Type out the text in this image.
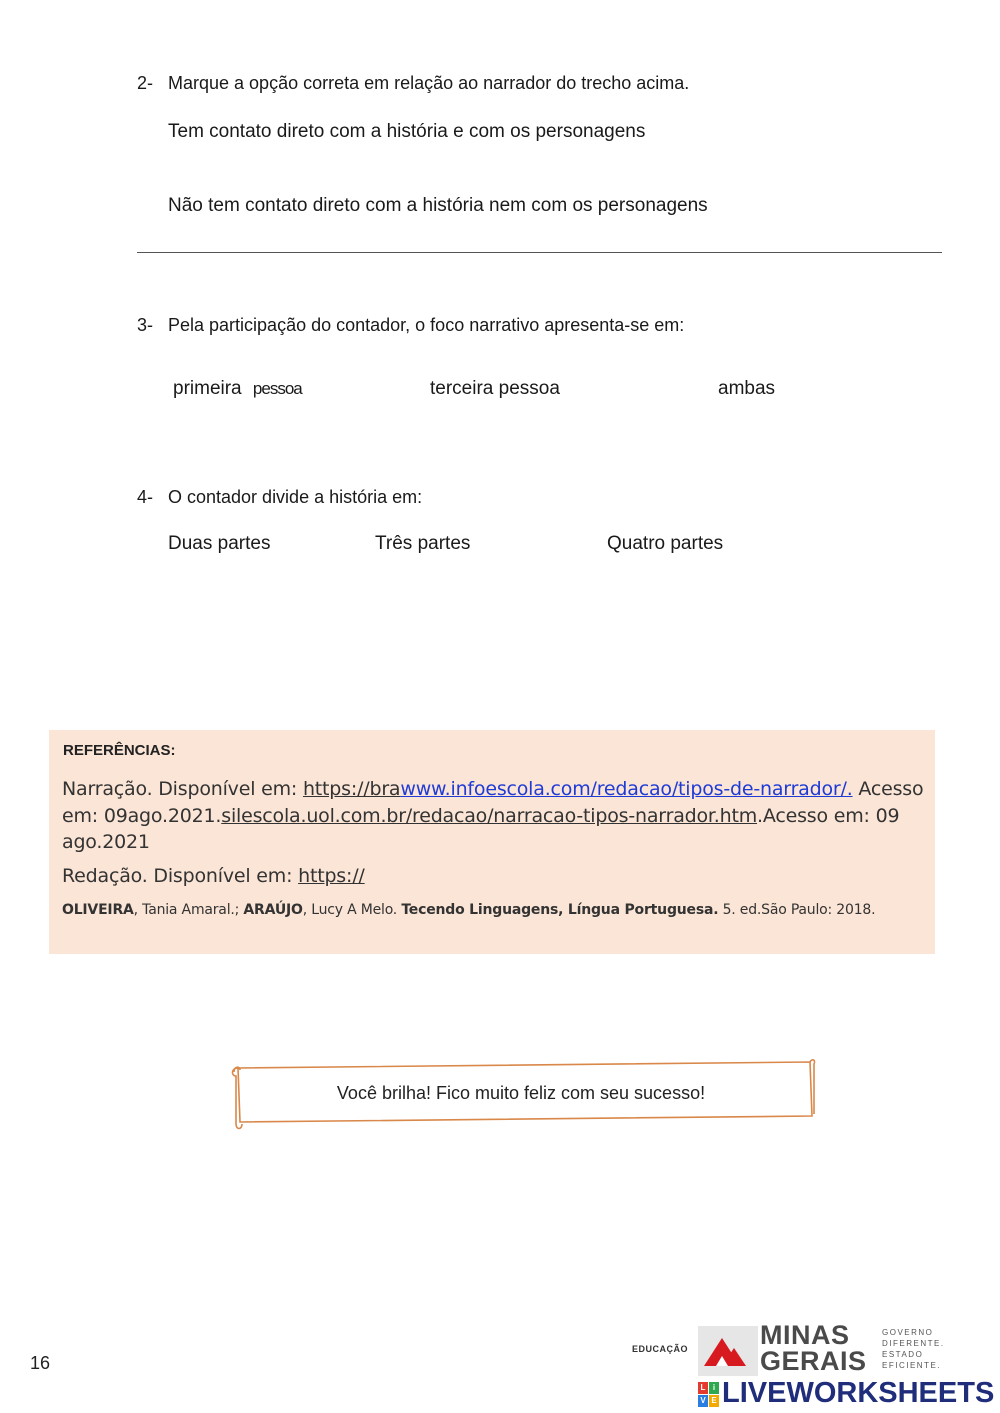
2- Marque a opção correta em relação ao narrador do trecho acima.
Tem contato direto com a história e com os personagens
Não tem contato direto com a história nem com os personagens
3- Pela participação do contador, o foco narrativo apresenta-se em:
primeira pessoa	terceira pessoa	ambas
4- O contador divide a história em:
Duas partes	Três partes	Quatro partes
REFERÊNCIAS:
Narração. Disponível em: https://brawww.infoescola.com/redacao/tipos-de-narrador/. Acesso
em: 09ago.2021.silescola.uol.com.br/redacao/narracao-tipos-narrador.htm.Acesso em: 09
ago.2021
Redação. Disponível em: https://
OLIVEIRA, Tania Amaral.; ARAÚJO, Lucy A Melo. Tecendo Linguagens, Língua Portuguesa. 5. ed.São Paulo: 2018.
Você brilha! Fico muito feliz com seu sucesso!
16
EDUCAÇÃO	MINAS
GERAIS
GOVERNO
DIFERENTE.
ESTADO
EFICIENTE.
L i
V E LIVEWORKSHEETS
